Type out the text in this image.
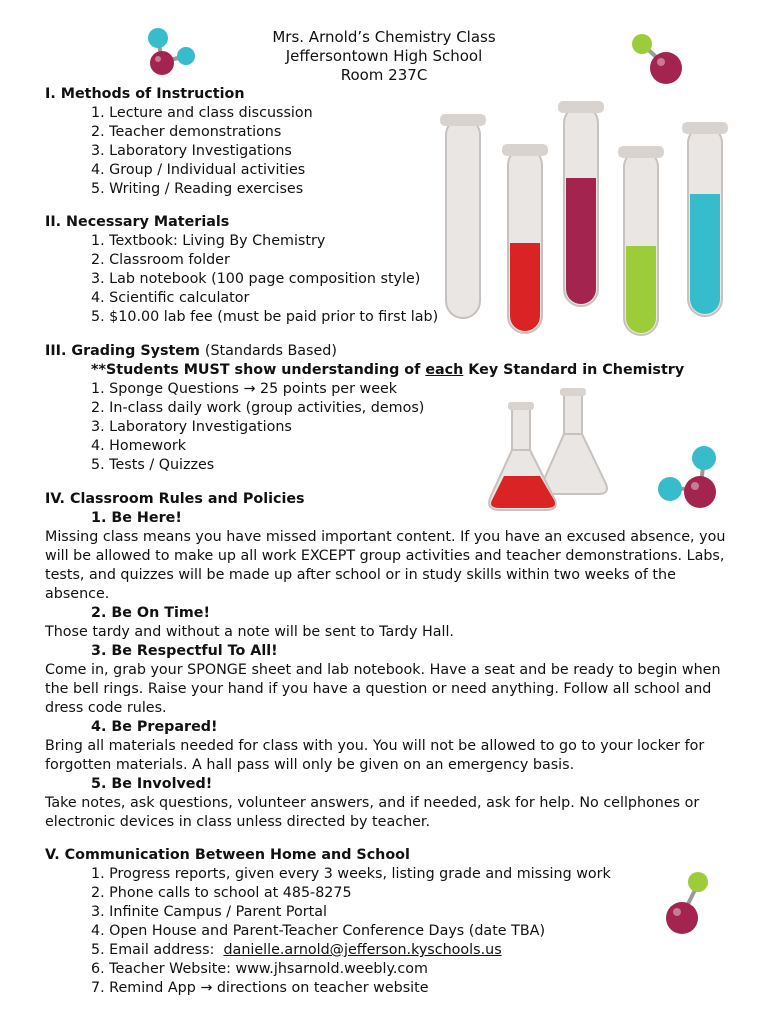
Mrs. Arnold’s Chemistry Class
Jeffersontown High School
Room 237C
I. Methods of Instruction
1. Lecture and class discussion
2. Teacher demonstrations
3. Laboratory Investigations
4. Group / Individual activities
5. Writing / Reading exercises
II. Necessary Materials
1. Textbook: Living By Chemistry
2. Classroom folder
3. Lab notebook (100 page composition style)
4. Scientific calculator
5. $10.00 lab fee (must be paid prior to first lab)
III. Grading System (Standards Based)
**Students MUST show understanding of each Key Standard in Chemistry
1. Sponge Questions → 25 points per week
2. In-class daily work (group activities, demos)
3. Laboratory Investigations
4. Homework
5. Tests / Quizzes
IV. Classroom Rules and Policies
1. Be Here!
Missing class means you have missed important content. If you have an excused absence, you will be allowed to make up all work EXCEPT group activities and teacher demonstrations. Labs, tests, and quizzes will be made up after school or in study skills within two weeks of the absence.
2. Be On Time!
Those tardy and without a note will be sent to Tardy Hall.
3. Be Respectful To All!
Come in, grab your SPONGE sheet and lab notebook. Have a seat and be ready to begin when the bell rings. Raise your hand if you have a question or need anything. Follow all school and dress code rules.
4. Be Prepared!
Bring all materials needed for class with you. You will not be allowed to go to your locker for forgotten materials. A hall pass will only be given on an emergency basis.
5. Be Involved!
Take notes, ask questions, volunteer answers, and if needed, ask for help. No cellphones or electronic devices in class unless directed by teacher.
V. Communication Between Home and School
1. Progress reports, given every 3 weeks, listing grade and missing work
2. Phone calls to school at 485-8275
3. Infinite Campus / Parent Portal
4. Open House and Parent-Teacher Conference Days (date TBA)
5. Email address:  danielle.arnold@jefferson.kyschools.us
6. Teacher Website: www.jhsarnold.weebly.com
7. Remind App → directions on teacher website
